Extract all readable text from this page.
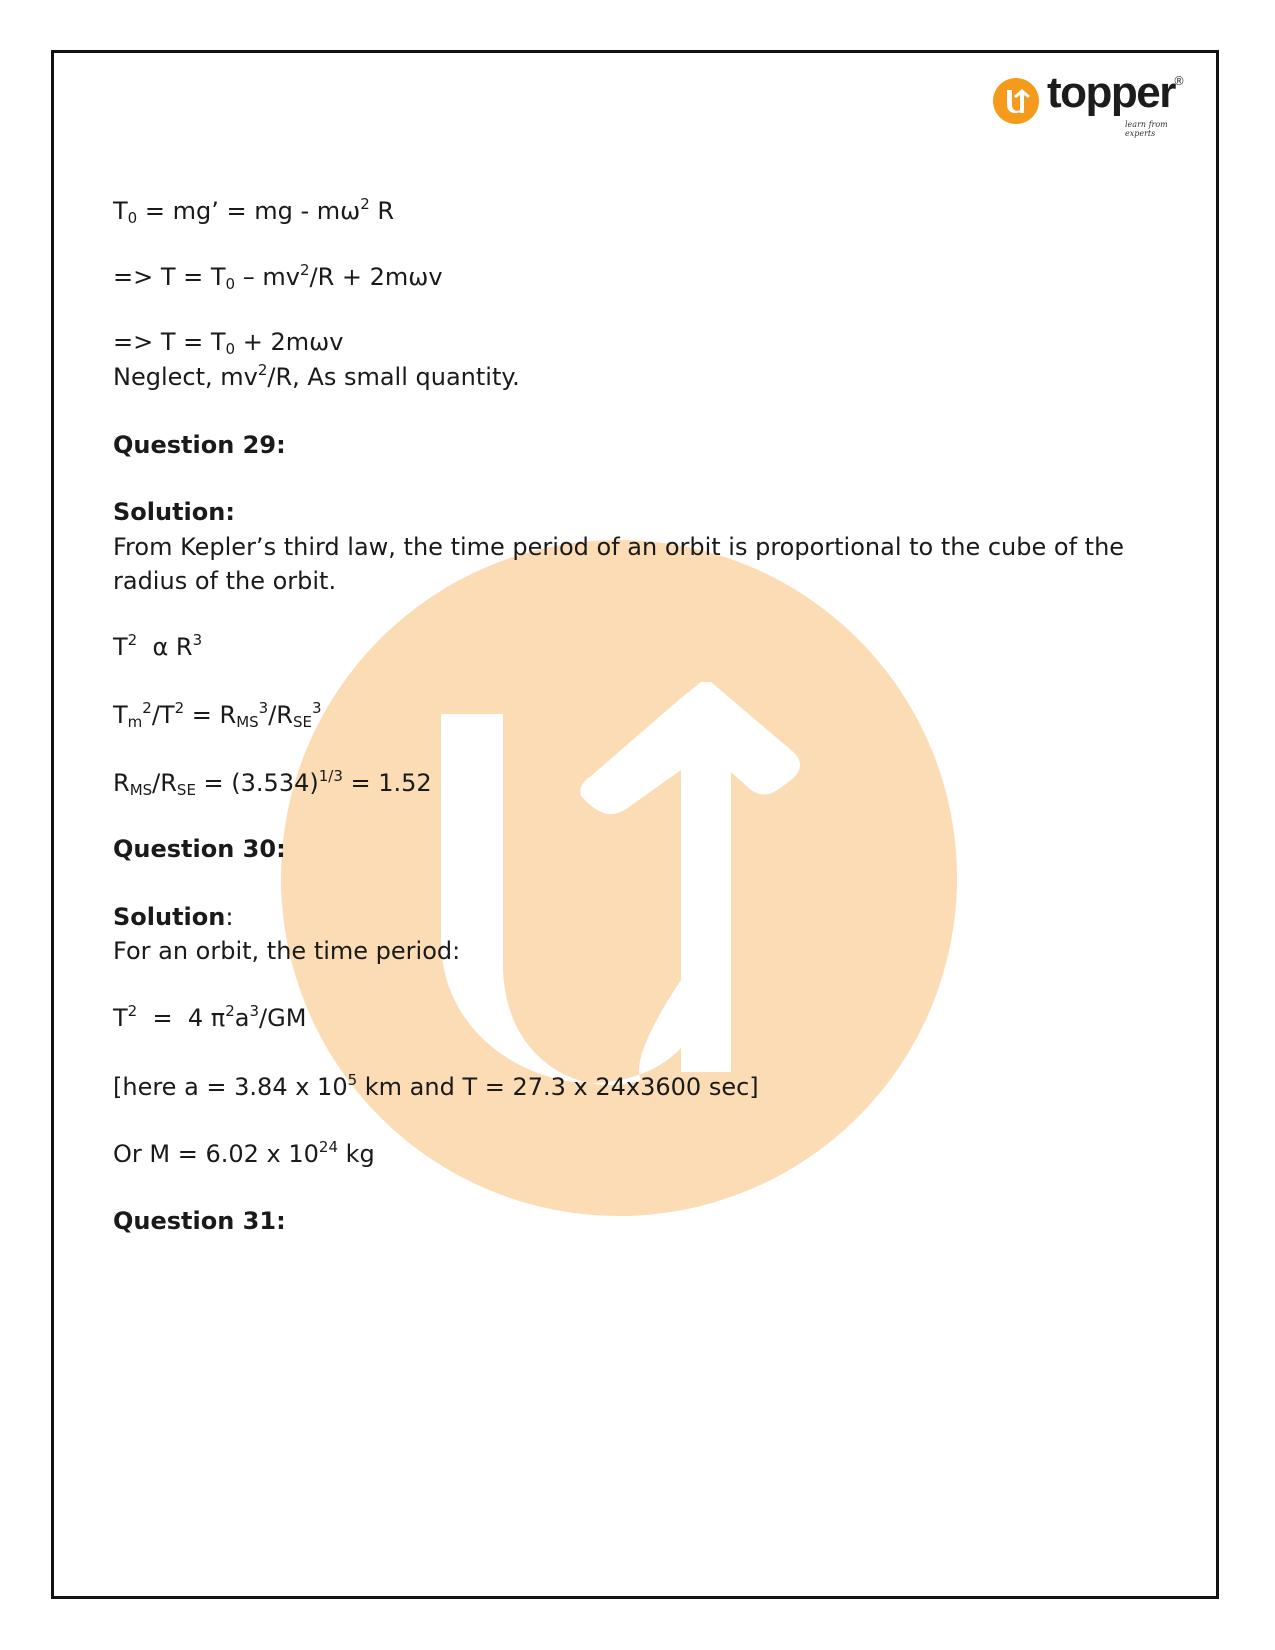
topper
®
learn from experts
$T_0$ = mg’ = mg - $m\omega^2$ R
=> $T = T_0 - mv^2/R + 2m\omega v$
=> $T = T_0 + 2m\omega v$
Neglect, $mv^2/R$, As small quantity.
Question 29:
Solution:
From Kepler’s third law, the time period of an orbit is proportional to the cube of the radius of the orbit.
$T^2$  α $R^3$
$T_m^2/T^2 = R_{MS}^3/R_{SE}^3$
$R_{MS}/R_{SE} = (3.534)^{1/3} = 1.52$
Question 30:
Solution:
For an orbit, the time period:
$T^2 = 4$ $\pi^2a^3/GM$
[here a = 3.84 x $10^5$ km and T = 27.3 x 24x3600 sec]
Or M = 6.02 x $10^{24}$ kg
Question 31:
